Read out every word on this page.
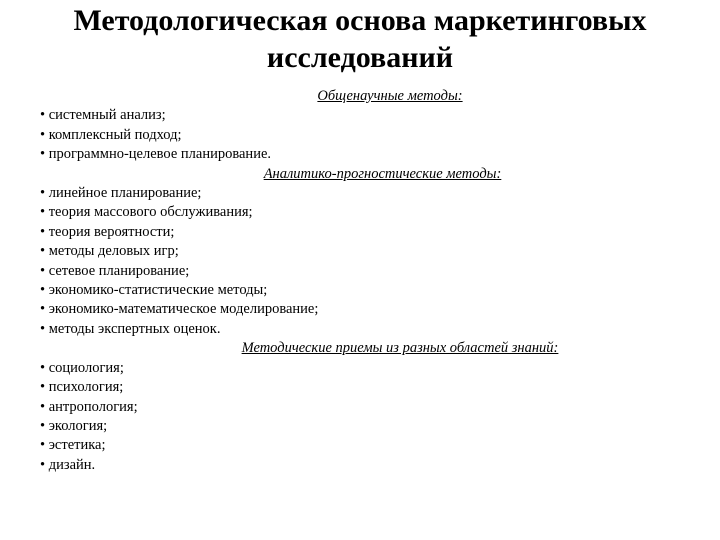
Методологическая основа маркетинговых
исследований
Общенаучные методы:
• системный анализ;
• комплексный подход;
• программно-целевое планирование.
Аналитико-прогностические методы:
• линейное планирование;
• теория массового обслуживания;
• теория вероятности;
• методы деловых игр;
• сетевое планирование;
• экономико-статистические методы;
• экономико-математическое моделирование;
• методы экспертных оценок.
Методические приемы из разных областей знаний:
• социология;
• психология;
• антропология;
• экология;
• эстетика;
• дизайн.
